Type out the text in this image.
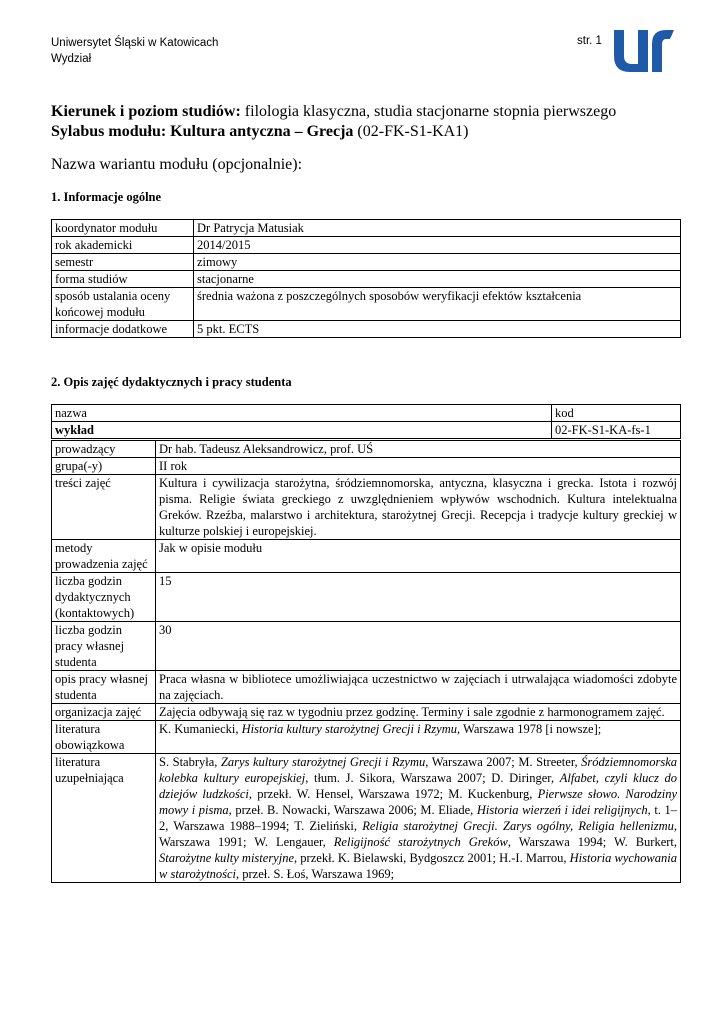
Uniwersytet Śląski w Katowicach
Wydział
str. 1
Kierunek i poziom studiów: filologia klasyczna, studia stacjonarne stopnia pierwszego
Sylabus modułu: Kultura antyczna – Grecja (02-FK-S1-KA1)
Nazwa wariantu modułu (opcjonalnie):
1. Informacje ogólne
koordynator modułu	Dr Patrycja Matusiak
rok akademicki	2014/2015
semestr	zimowy
forma studiów	stacjonarne
sposób ustalania oceny końcowej modułu	średnia ważona z poszczególnych sposobów weryfikacji efektów kształcenia
informacje dodatkowe	5 pkt. ECTS
2. Opis zajęć dydaktycznych i pracy studenta
nazwa	kod
wykład	02-FK-S1-KA-fs-1
prowadzący	Dr hab. Tadeusz Aleksandrowicz, prof. UŚ
grupa(-y)	II rok
treści zajęć	Kultura i cywilizacja starożytna, śródziemnomorska, antyczna, klasyczna i grecka. Istota i rozwój pisma. Religie świata greckiego z uwzględnieniem wpływów wschodnich. Kultura intelektualna Greków. Rzeźba, malarstwo i architektura, starożytnej Grecji. Recepcja i tradycje kultury greckiej w kulturze polskiej i europejskiej.
metody prowadzenia zajęć	Jak w opisie modułu
liczba godzin dydaktycznych (kontaktowych)	15
liczba godzin pracy własnej studenta	30
opis pracy własnej studenta	Praca własna w bibliotece umożliwiająca uczestnictwo w zajęciach i utrwalająca wiadomości zdobyte na zajęciach.
organizacja zajęć	Zajęcia odbywają się raz w tygodniu przez godzinę. Terminy i sale zgodnie z harmonogramem zajęć.
literatura obowiązkowa	K. Kumaniecki, Historia kultury starożytnej Grecji i Rzymu, Warszawa 1978 [i nowsze];
literatura uzupełniająca	S. Stabryła, Zarys kultury starożytnej Grecji i Rzymu, Warszawa 2007; M. Streeter, Śródziemnomorska kolebka kultury europejskiej, tłum. J. Sikora, Warszawa 2007; D. Diringer, Alfabet, czyli klucz do dziejów ludzkości, przekł. W. Hensel, Warszawa 1972; M. Kuckenburg, Pierwsze słowo. Narodziny mowy i pisma, przeł. B. Nowacki, Warszawa 2006; M. Eliade, Historia wierzeń i idei religijnych, t. 1–2, Warszawa 1988–1994; T. Zieliński, Religia starożytnej Grecji. Zarys ogólny, Religia hellenizmu, Warszawa 1991; W. Lengauer, Religijność starożytnych Greków, Warszawa 1994; W. Burkert, Starożytne kulty misteryjne, przekł. K. Bielawski, Bydgoszcz 2001; H.-I. Marrou, Historia wychowania w starożytności, przeł. S. Łoś, Warszawa 1969;
